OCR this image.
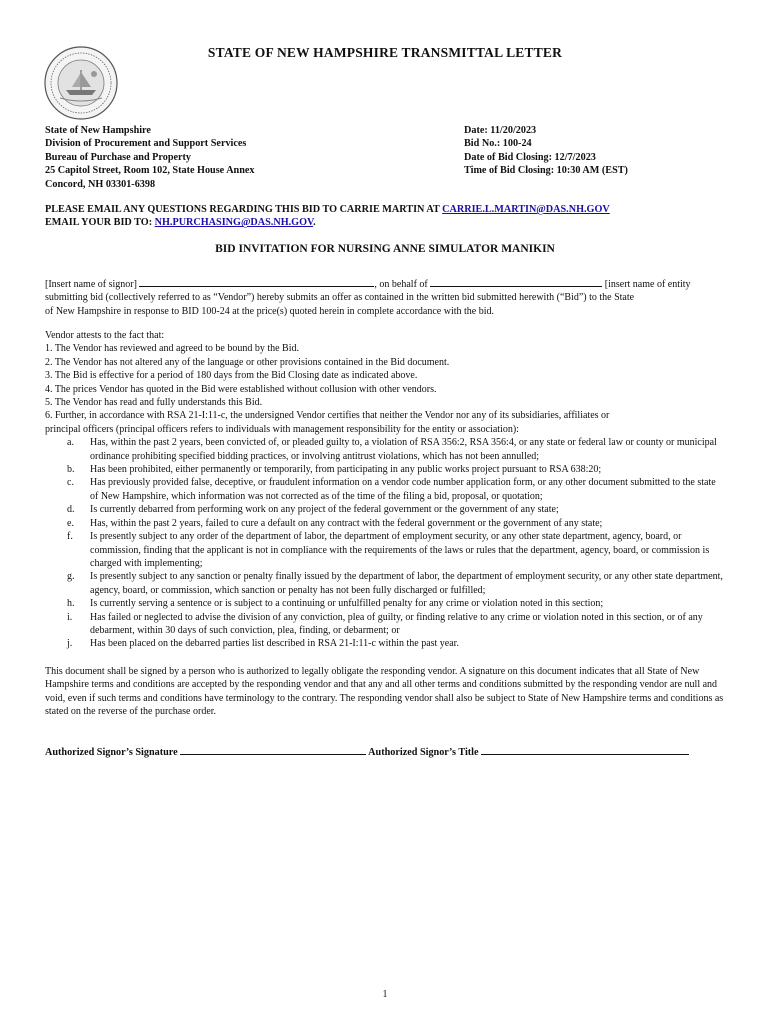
STATE OF NEW HAMPSHIRE TRANSMITTAL LETTER
State of New Hampshire
Division of Procurement and Support Services
Bureau of Purchase and Property
25 Capitol Street, Room 102, State House Annex
Concord, NH 03301-6398
Date: 11/20/2023
Bid No.: 100-24
Date of Bid Closing: 12/7/2023
Time of Bid Closing: 10:30 AM (EST)
PLEASE EMAIL ANY QUESTIONS REGARDING THIS BID TO CARRIE MARTIN AT CARRIE.L.MARTIN@DAS.NH.GOV
EMAIL YOUR BID TO: NH.PURCHASING@DAS.NH.GOV.
BID INVITATION FOR NURSING ANNE SIMULATOR MANIKIN
[Insert name of signor]	, on behalf of	[insert name of entity
submitting bid (collectively referred to as “Vendor”) hereby submits an offer as contained in the written bid submitted herewith (“Bid”) to the State
of New Hampshire in response to BID 100-24 at the price(s) quoted herein in complete accordance with the bid.
Vendor attests to the fact that:
1. The Vendor has reviewed and agreed to be bound by the Bid.
2. The Vendor has not altered any of the language or other provisions contained in the Bid document.
3. The Bid is effective for a period of 180 days from the Bid Closing date as indicated above.
4. The prices Vendor has quoted in the Bid were established without collusion with other vendors.
5. The Vendor has read and fully understands this Bid.
6. Further, in accordance with RSA 21-I:11-c, the undersigned Vendor certifies that neither the Vendor nor any of its subsidiaries, affiliates or
principal officers (principal officers refers to individuals with management responsibility for the entity or association):
a. Has, within the past 2 years, been convicted of, or pleaded guilty to, a violation of RSA 356:2, RSA 356:4, or any state or federal law or county or municipal ordinance prohibiting specified bidding practices, or involving antitrust violations, which has not been annulled;
b. Has been prohibited, either permanently or temporarily, from participating in any public works project pursuant to RSA 638:20;
c. Has previously provided false, deceptive, or fraudulent information on a vendor code number application form, or any other document submitted to the state of New Hampshire, which information was not corrected as of the time of the filing a bid, proposal, or quotation;
d. Is currently debarred from performing work on any project of the federal government or the government of any state;
e. Has, within the past 2 years, failed to cure a default on any contract with the federal government or the government of any state;
f. Is presently subject to any order of the department of labor, the department of employment security, or any other state department, agency, board, or commission, finding that the applicant is not in compliance with the requirements of the laws or rules that the department, agency, board, or commission is charged with implementing;
g. Is presently subject to any sanction or penalty finally issued by the department of labor, the department of employment security, or any other state department, agency, board, or commission, which sanction or penalty has not been fully discharged or fulfilled;
h. Is currently serving a sentence or is subject to a continuing or unfulfilled penalty for any crime or violation noted in this section;
i. Has failed or neglected to advise the division of any conviction, plea of guilty, or finding relative to any crime or violation noted in this section, or of any debarment, within 30 days of such conviction, plea, finding, or debarment; or
j. Has been placed on the debarred parties list described in RSA 21-I:11-c within the past year.
This document shall be signed by a person who is authorized to legally obligate the responding vendor. A signature on this document indicates that all State of New Hampshire terms and conditions are accepted by the responding vendor and that any and all other terms and conditions submitted by the responding vendor are null and void, even if such terms and conditions have terminology to the contrary. The responding vendor shall also be subject to State of New Hampshire terms and conditions as stated on the reverse of the purchase order.
Authorized Signor’s Signature	Authorized Signor’s Title
1
